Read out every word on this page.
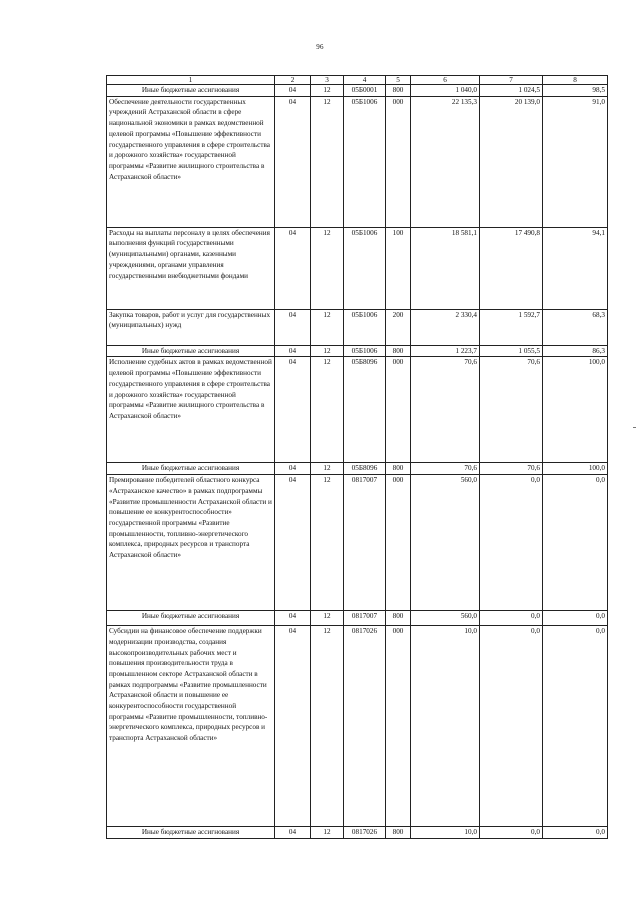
96
1	2	3	4	5	6	7	8
Иные бюджетные ассигнования	04	12	05Б0001	800	1 040,0	1 024,5	98,5
Обеспечение деятельности государственных учреждений Астраханской области в сфере национальной экономики в рамках ведомственной целевой программы «Повышение эффективности государственного управления в сфере строительства и дорожного хозяйства» государственной программы «Развитие жилищного строительства в Астраханской области»	04	12	05Б1006	000	22 135,3	20 139,0	91,0
Расходы на выплаты персоналу в целях обеспечения выполнения функций государственными (муниципальными) органами, казенными учреждениями, органами управления государственными внебюджетными фондами	04	12	05Б1006	100	18 581,1	17 490,8	94,1
Закупка товаров, работ и услуг для государственных (муниципальных) нужд	04	12	05Б1006	200	2 330,4	1 592,7	68,3
Иные бюджетные ассигнования	04	12	05Б1006	800	1 223,7	1 055,5	86,3
Исполнение судебных актов в рамках ведомственной целевой программы «Повышение эффективности государственного управления в сфере строительства и дорожного хозяйства» государственной программы «Развитие жилищного строительства в Астраханской области»	04	12	05Б8096	000	70,6	70,6	100,0
Иные бюджетные ассигнования	04	12	05Б8096	800	70,6	70,6	100,0
Премирование победителей областного конкурса «Астраханское качество» в рамках подпрограммы «Развитие промышленности Астраханской области и повышение ее конкурентоспособности» государственной программы «Развитие промышленности, топливно-энергетического комплекса, природных ресурсов и транспорта Астраханской области»	04	12	0817007	000	560,0	0,0	0,0
Иные бюджетные ассигнования	04	12	0817007	800	560,0	0,0	0,0
Субсидии на финансовое обеспечение поддержки модернизации производства, создания высокопроизводительных рабочих мест и повышения производительности труда в промышленном секторе Астраханской области в рамках подпрограммы «Развитие промышленности Астраханской области и повышение ее конкурентоспособности государственной программы «Развитие промышленности, топливно-энергетического комплекса, природных ресурсов и транспорта Астраханской области»	04	12	0817026	000	10,0	0,0	0,0
Иные бюджетные ассигнования	04	12	0817026	800	10,0	0,0	0,0
